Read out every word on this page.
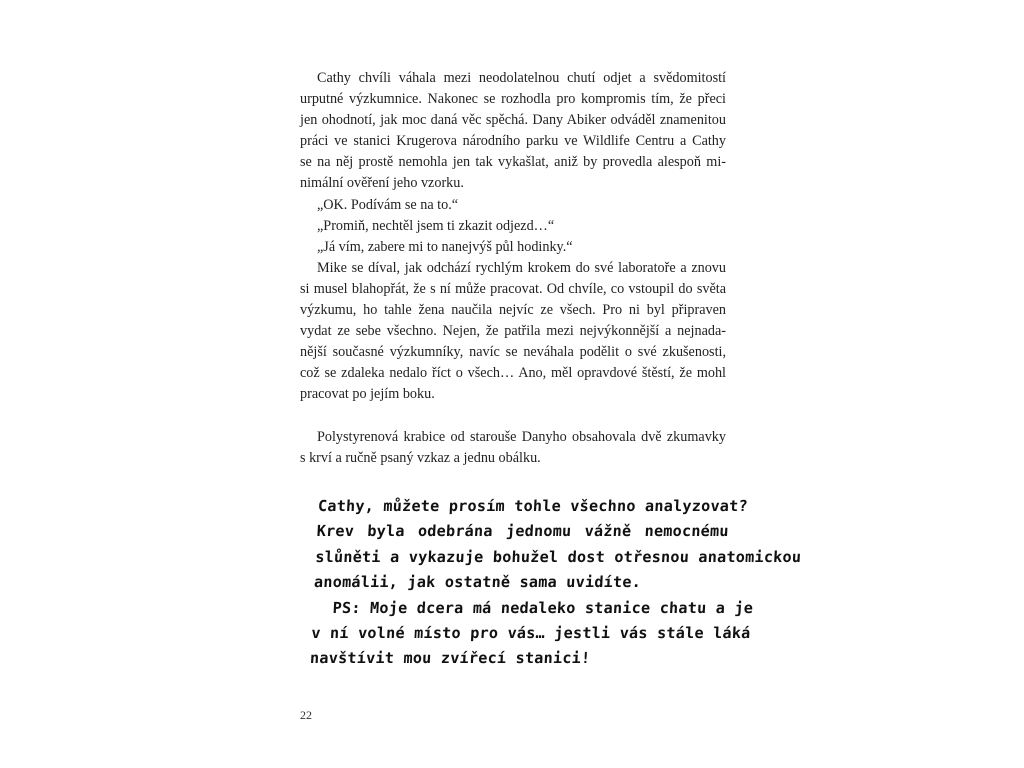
Cathy chvíli váhala mezi neodolatelnou chutí odjet a svědomitostí
urputné výzkumnice. Nakonec se rozhodla pro kompromis tím, že přeci
jen ohodnotí, jak moc daná věc spěchá. Dany Abiker odváděl znamenitou
práci ve stanici Krugerova národního parku ve Wildlife Centru a Cathy
se na něj prostě nemohla jen tak vykašlat, aniž by provedla alespoň mi-
nimální ověření jeho vzorku.
„OK. Podívám se na to.“
„Promiň, nechtěl jsem ti zkazit odjezd…“
„Já vím, zabere mi to nanejvýš půl hodinky.“
Mike se díval, jak odchází rychlým krokem do své laboratoře a znovu
si musel blahopřát, že s ní může pracovat. Od chvíle, co vstoupil do světa
výzkumu, ho tahle žena naučila nejvíc ze všech. Pro ni byl připraven
vydat ze sebe všechno. Nejen, že patřila mezi nejvýkonnější a nejnada-
nější současné výzkumníky, navíc se neváhala podělit o své zkušenosti,
což se zdaleka nedalo říct o všech… Ano, měl opravdové štěstí, že mohl
pracovat po jejím boku.
Polystyrenová krabice od starouše Danyho obsahovala dvě zkumavky
s krví a ručně psaný vzkaz a jednu obálku.
Cathy, můžete prosím tohle všechno analyzovat?
Krev byla odebrána jednomu vážně nemocnému
slůněti a vykazuje bohužel dost otřesnou anatomickou
anomálii, jak ostatně sama uvidíte.
PS: Moje dcera má nedaleko stanice chatu a je
v ní volné místo pro vás… jestli vás stále láká
navštívit mou zvířecí stanici!
22
